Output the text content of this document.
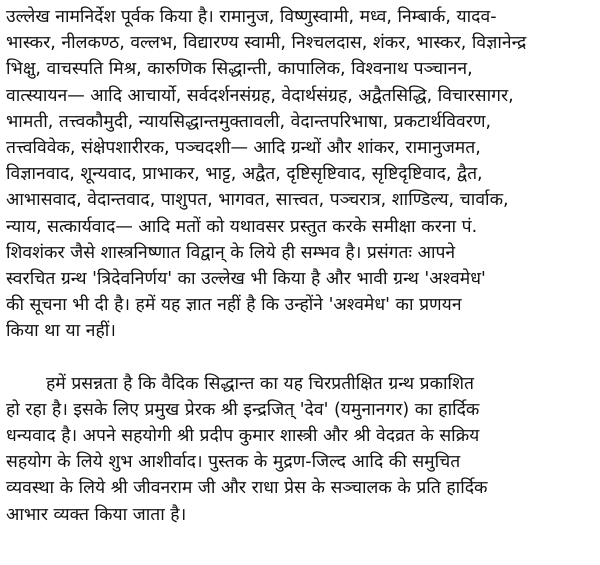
उल्लेख नामनिर्देश पूर्वक किया है। रामानुज, विष्णुस्वामी, मध्व, निम्बार्क, यादव-
भास्कर, नीलकण्ठ, वल्लभ, विद्यारण्य स्वामी, निश्चलदास, शंकर, भास्कर, विज्ञानेन्द्र
भिक्षु, वाचस्पति मिश्र, कारुणिक सिद्धान्ती, कापालिक, विश्वनाथ पञ्चानन,
वात्स्यायन— आदि आचार्यो, सर्वदर्शनसंग्रह, वेदार्थसंग्रह, अद्वैतसिद्धि, विचारसागर,
भामती, तत्त्वकौमुदी, न्यायसिद्धान्तमुक्तावली, वेदान्तपरिभाषा, प्रकटार्थविवरण,
तत्त्वविवेक, संक्षेपशारीरक, पञ्चदशी— आदि ग्रन्थों और शांकर, रामानुजमत,
विज्ञानवाद, शून्यवाद, प्राभाकर, भाट्ट, अद्वैत, दृष्टिसृष्टिवाद, सृष्टिदृष्टिवाद, द्वैत,
आभासवाद, वेदान्तवाद, पाशुपत, भागवत, सात्त्वत, पञ्चरात्र, शाण्डिल्य, चार्वाक,
न्याय, सत्कार्यवाद— आदि मतों को यथावसर प्रस्तुत करके समीक्षा करना पं.
शिवशंकर जैसे शास्त्रनिष्णात विद्वान् के लिये ही सम्भव है। प्रसंगतः आपने
स्वरचित ग्रन्थ 'त्रिदेवनिर्णय' का उल्लेख भी किया है और भावी ग्रन्थ 'अश्वमेध'
की सूचना भी दी है। हमें यह ज्ञात नहीं है कि उन्होंने 'अश्वमेध' का प्रणयन
किया था या नहीं।
हमें प्रसन्नता है कि वैदिक सिद्धान्त का यह चिरप्रतीक्षित ग्रन्थ प्रकाशित
हो रहा है। इसके लिए प्रमुख प्रेरक श्री इन्द्रजित् 'देव' (यमुनानगर) का हार्दिक
धन्यवाद है। अपने सहयोगी श्री प्रदीप कुमार शास्त्री और श्री वेदव्रत के सक्रिय
सहयोग के लिये शुभ आशीर्वाद। पुस्तक के मुद्रण-जिल्द आदि की समुचित
व्यवस्था के लिये श्री जीवनराम जी और राधा प्रेस के सञ्चालक के प्रति हार्दिक
आभार व्यक्त किया जाता है।
